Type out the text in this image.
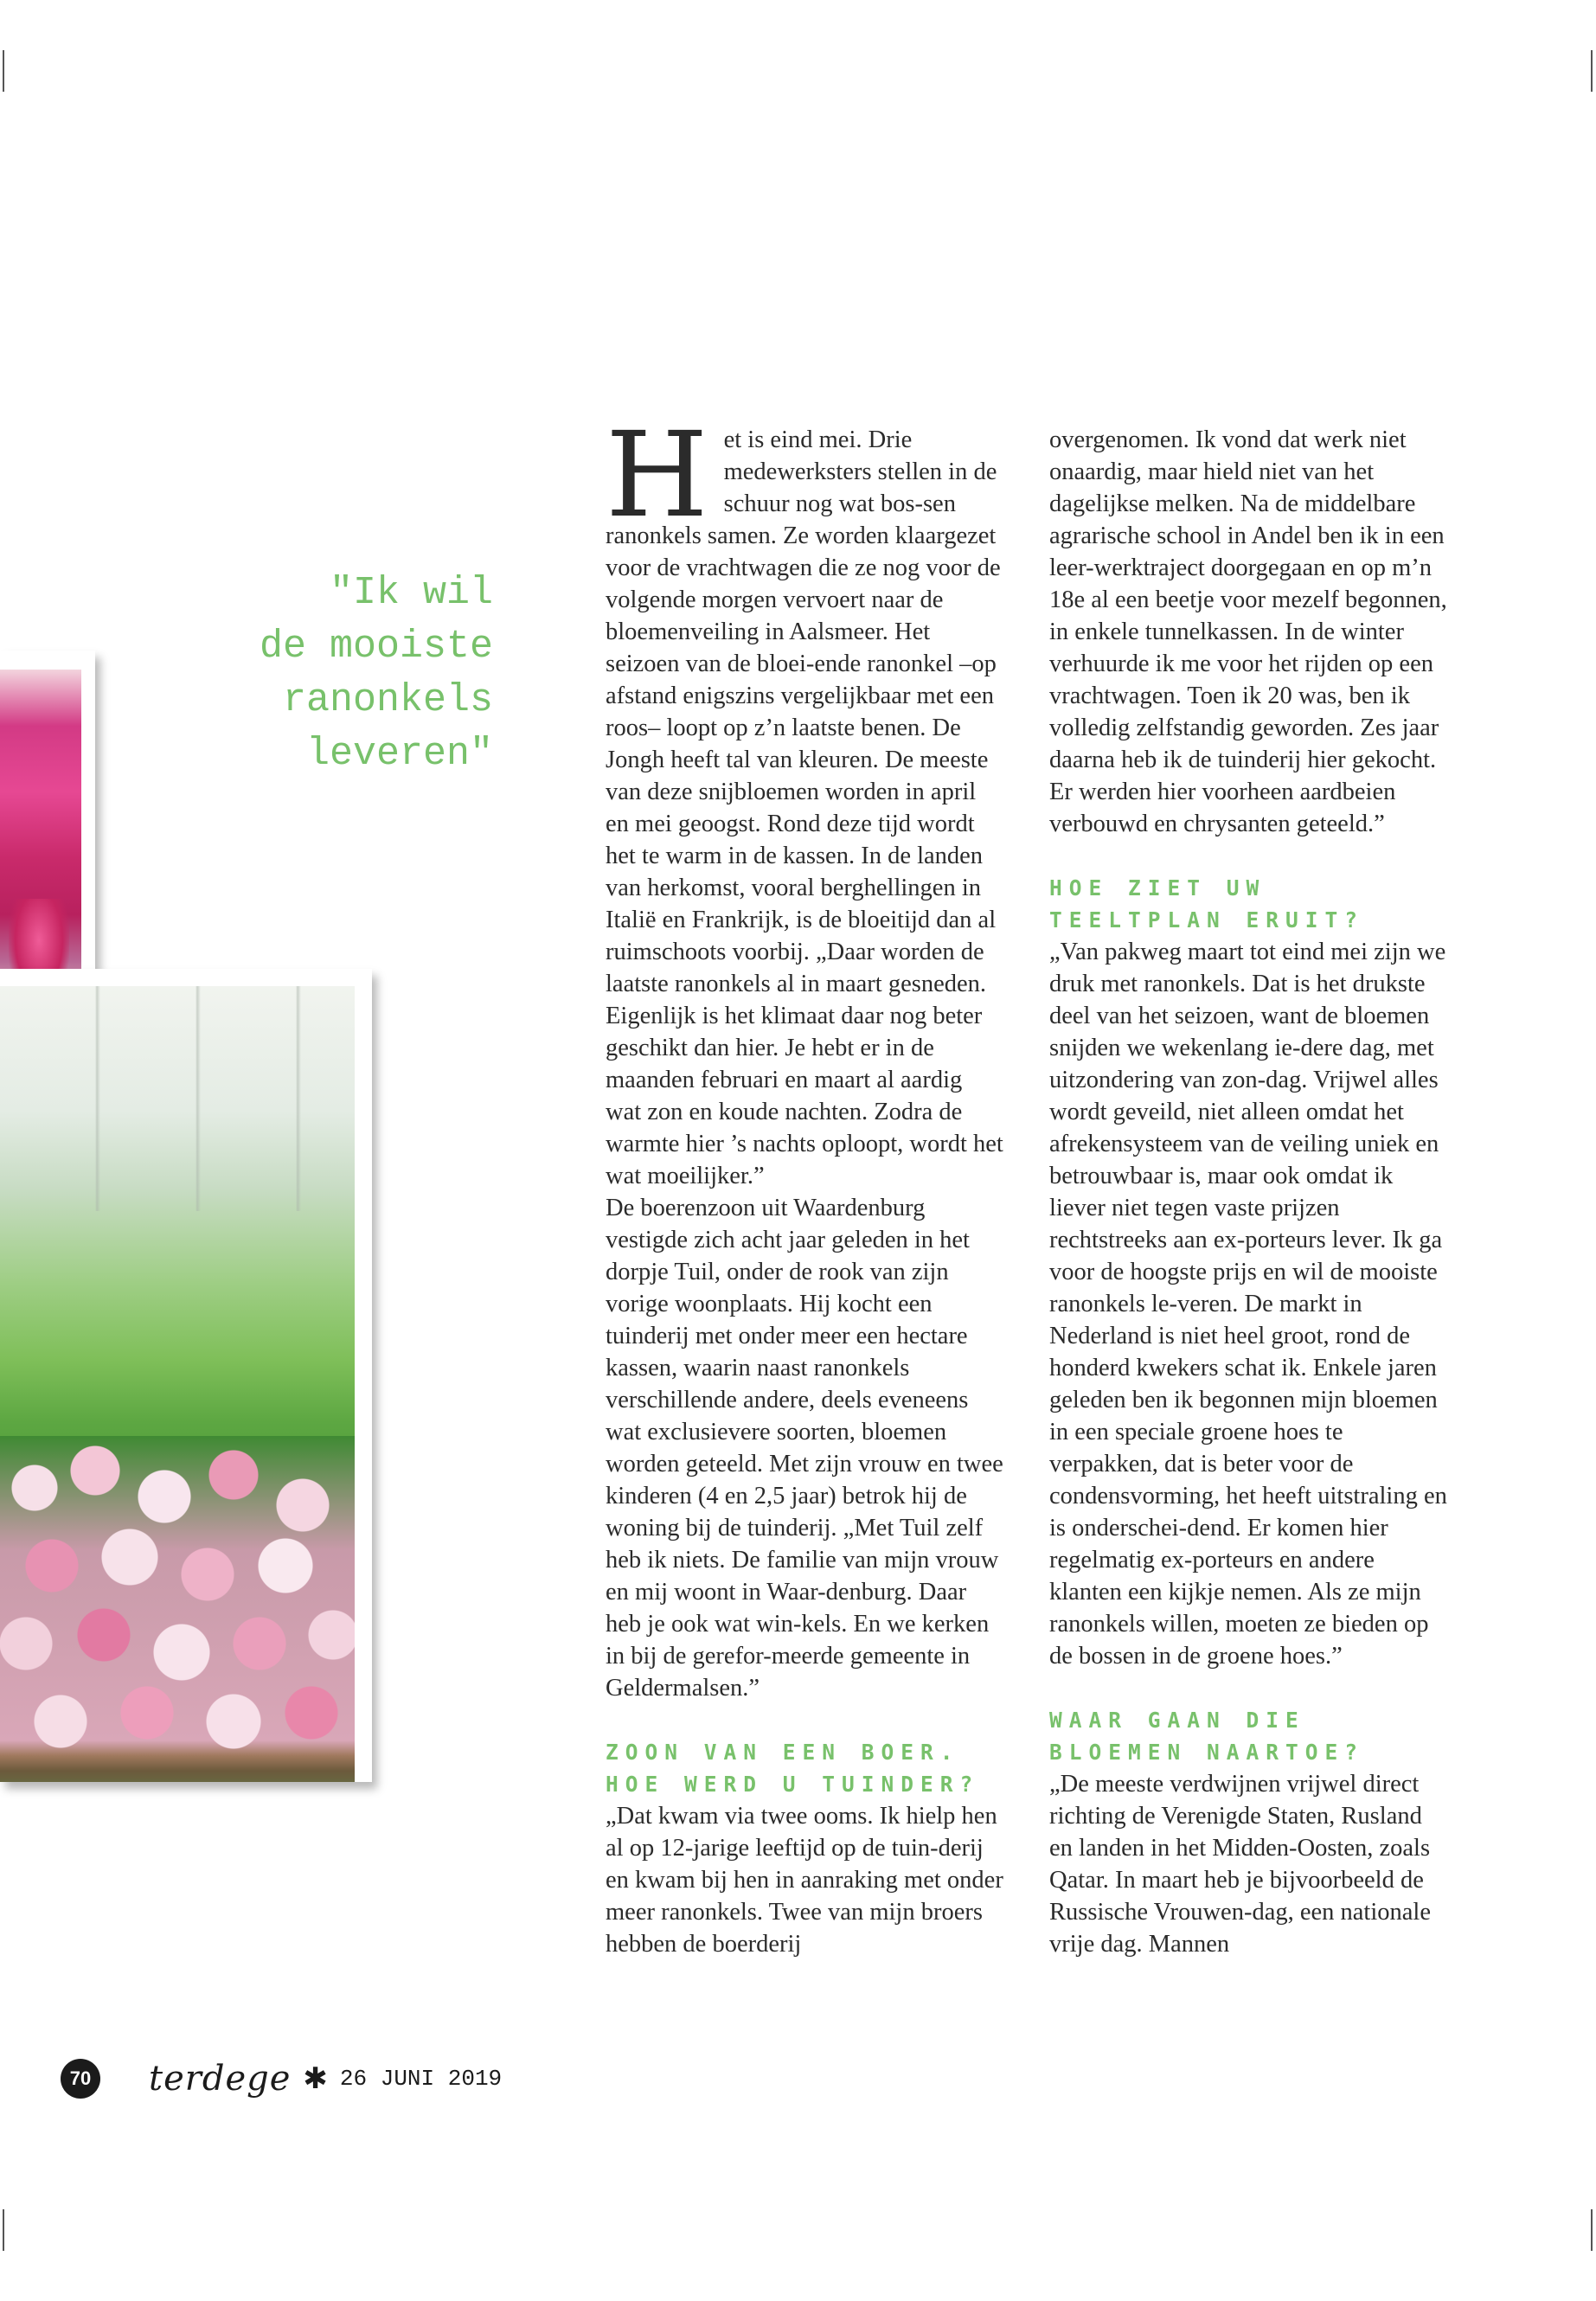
"Ik wil
de mooiste
ranonkels
leveren"

Het is eind mei. Drie medewerksters stellen in de schuur nog wat bos-sen ranonkels samen. Ze worden klaargezet voor de vrachtwagen die ze nog voor de volgende morgen vervoert naar de bloemenveiling in Aalsmeer. Het seizoen van de bloei-ende ranonkel –op afstand enigszins vergelijkbaar met een roos– loopt op z’n laatste benen. De Jongh heeft tal van kleuren. De meeste van deze snijbloemen worden in april en mei geoogst. Rond deze tijd wordt het te warm in de kassen. In de landen van herkomst, vooral berghellingen in Italië en Frankrijk, is de bloeitijd dan al ruimschoots voorbij. „Daar worden de laatste ranonkels al in maart gesneden. Eigenlijk is het klimaat daar nog beter geschikt dan hier. Je hebt er in de maanden februari en maart al aardig wat zon en koude nachten. Zodra de warmte hier ’s nachts oploopt, wordt het wat moeilijker.”

De boerenzoon uit Waardenburg vestigde zich acht jaar geleden in het dorpje Tuil, onder de rook van zijn vorige woonplaats. Hij kocht een tuinderij met onder meer een hectare kassen, waarin naast ranonkels verschillende andere, deels eveneens wat exclusievere soorten, bloemen worden geteeld. Met zijn vrouw en twee kinderen (4 en 2,5 jaar) betrok hij de woning bij de tuinderij. „Met Tuil zelf heb ik niets. De familie van mijn vrouw en mij woont in Waar-denburg. Daar heb je ook wat win-kels. En we kerken in bij de gerefor-meerde gemeente in Geldermalsen.”

ZOON VAN EEN BOER. HOE WERD U TUINDER?

„Dat kwam via twee ooms. Ik hielp hen al op 12-jarige leeftijd op de tuin-derij en kwam bij hen in aanraking met onder meer ranonkels. Twee van mijn broers hebben de boerderij

overgenomen. Ik vond dat werk niet onaardig, maar hield niet van het dagelijkse melken. Na de middelbare agrarische school in Andel ben ik in een leer-werktraject doorgegaan en op m’n 18e al een beetje voor mezelf begonnen, in enkele tunnelkassen. In de winter verhuurde ik me voor het rijden op een vrachtwagen. Toen ik 20 was, ben ik volledig zelfstandig geworden. Zes jaar daarna heb ik de tuinderij hier gekocht. Er werden hier voorheen aardbeien verbouwd en chrysanten geteeld.”

HOE ZIET UW TEELTPLAN ERUIT?

„Van pakweg maart tot eind mei zijn we druk met ranonkels. Dat is het drukste deel van het seizoen, want de bloemen snijden we wekenlang ie-dere dag, met uitzondering van zon-dag. Vrijwel alles wordt geveild, niet alleen omdat het afrekensysteem van de veiling uniek en betrouwbaar is, maar ook omdat ik liever niet tegen vaste prijzen rechtstreeks aan ex-porteurs lever. Ik ga voor de hoogste prijs en wil de mooiste ranonkels le-veren. De markt in Nederland is niet heel groot, rond de honderd kwekers schat ik. Enkele jaren geleden ben ik begonnen mijn bloemen in een speciale groene hoes te verpakken, dat is beter voor de condensvorming, het heeft uitstraling en is onderschei-dend. Er komen hier regelmatig ex-porteurs en andere klanten een kijkje nemen. Als ze mijn ranonkels willen, moeten ze bieden op de bossen in de groene hoes.”

WAAR GAAN DIE BLOEMEN NAARTOE?

„De meeste verdwijnen vrijwel direct richting de Verenigde Staten, Rusland en landen in het Midden-Oosten, zoals Qatar. In maart heb je bijvoorbeeld de Russische Vrouwen-dag, een nationale vrije dag. Mannen

70 terdege ✱ 26 JUNI 2019
